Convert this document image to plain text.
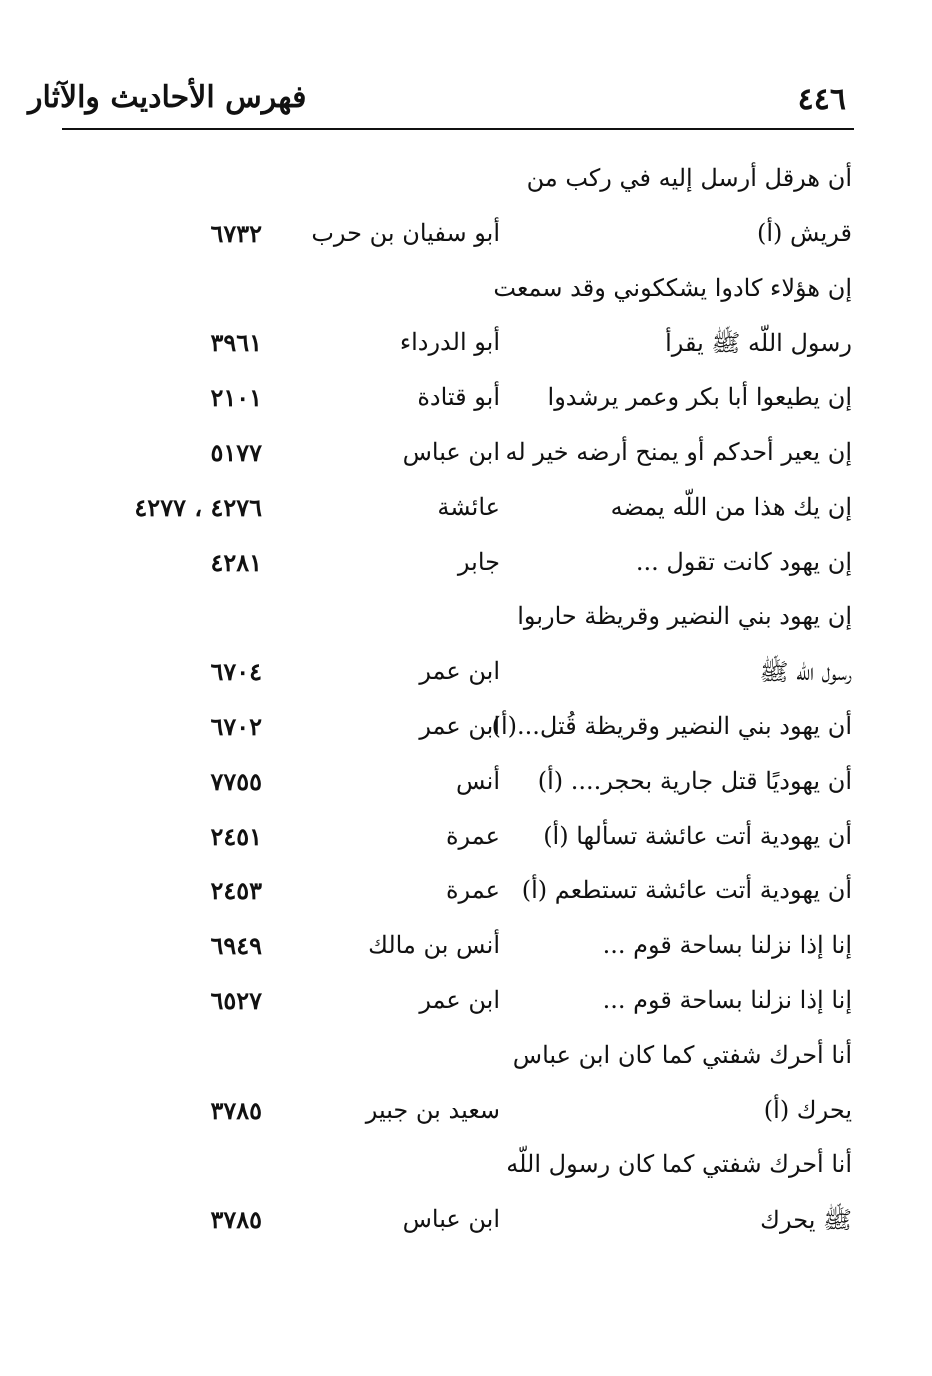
٤٤٦
فهرس الأحاديث والآثار
أن هرقل أرسل إليه في ركب من
قريش (أ)
أبو سفيان بن حرب
٦٧٣٢
إن هؤلاء كادوا يشككوني وقد سمعت
رسول اللّه ﷺ يقرأ
أبو الدرداء
٣٩٦١
إن يطيعوا أبا بكر وعمر يرشدوا
أبو قتادة
٢١٠١
إن يعير أحدكم أو يمنح أرضه خير له
ابن عباس
٥١٧٧
إن يك هذا من اللّه يمضه
عائشة
٤٢٧٦ ، ٤٢٧٧
إن يهود كانت تقول ...
جابر
٤٢٨١
إن يهود بني النضير وقريظة حاربوا
رسول اللّه ﷺ
ابن عمر
٦٧٠٤
أن يهود بني النضير وقريظة قُتل...(أ)
ابن عمر
٦٧٠٢
أن يهوديًا قتل جارية بحجر.... (أ)
أنس
٧٧٥٥
أن يهودية أتت عائشة تسألها (أ)
عمرة
٢٤٥١
أن يهودية أتت عائشة تستطعم (أ)
عمرة
٢٤٥٣
إنا إذا نزلنا بساحة قوم ...
أنس بن مالك
٦٩٤٩
إنا إذا نزلنا بساحة قوم ...
ابن عمر
٦٥٢٧
أنا أحرك شفتي كما كان ابن عباس
يحرك (أ)
سعيد بن جبير
٣٧٨٥
أنا أحرك شفتي كما كان رسول اللّه
ﷺ يحرك
ابن عباس
٣٧٨٥
